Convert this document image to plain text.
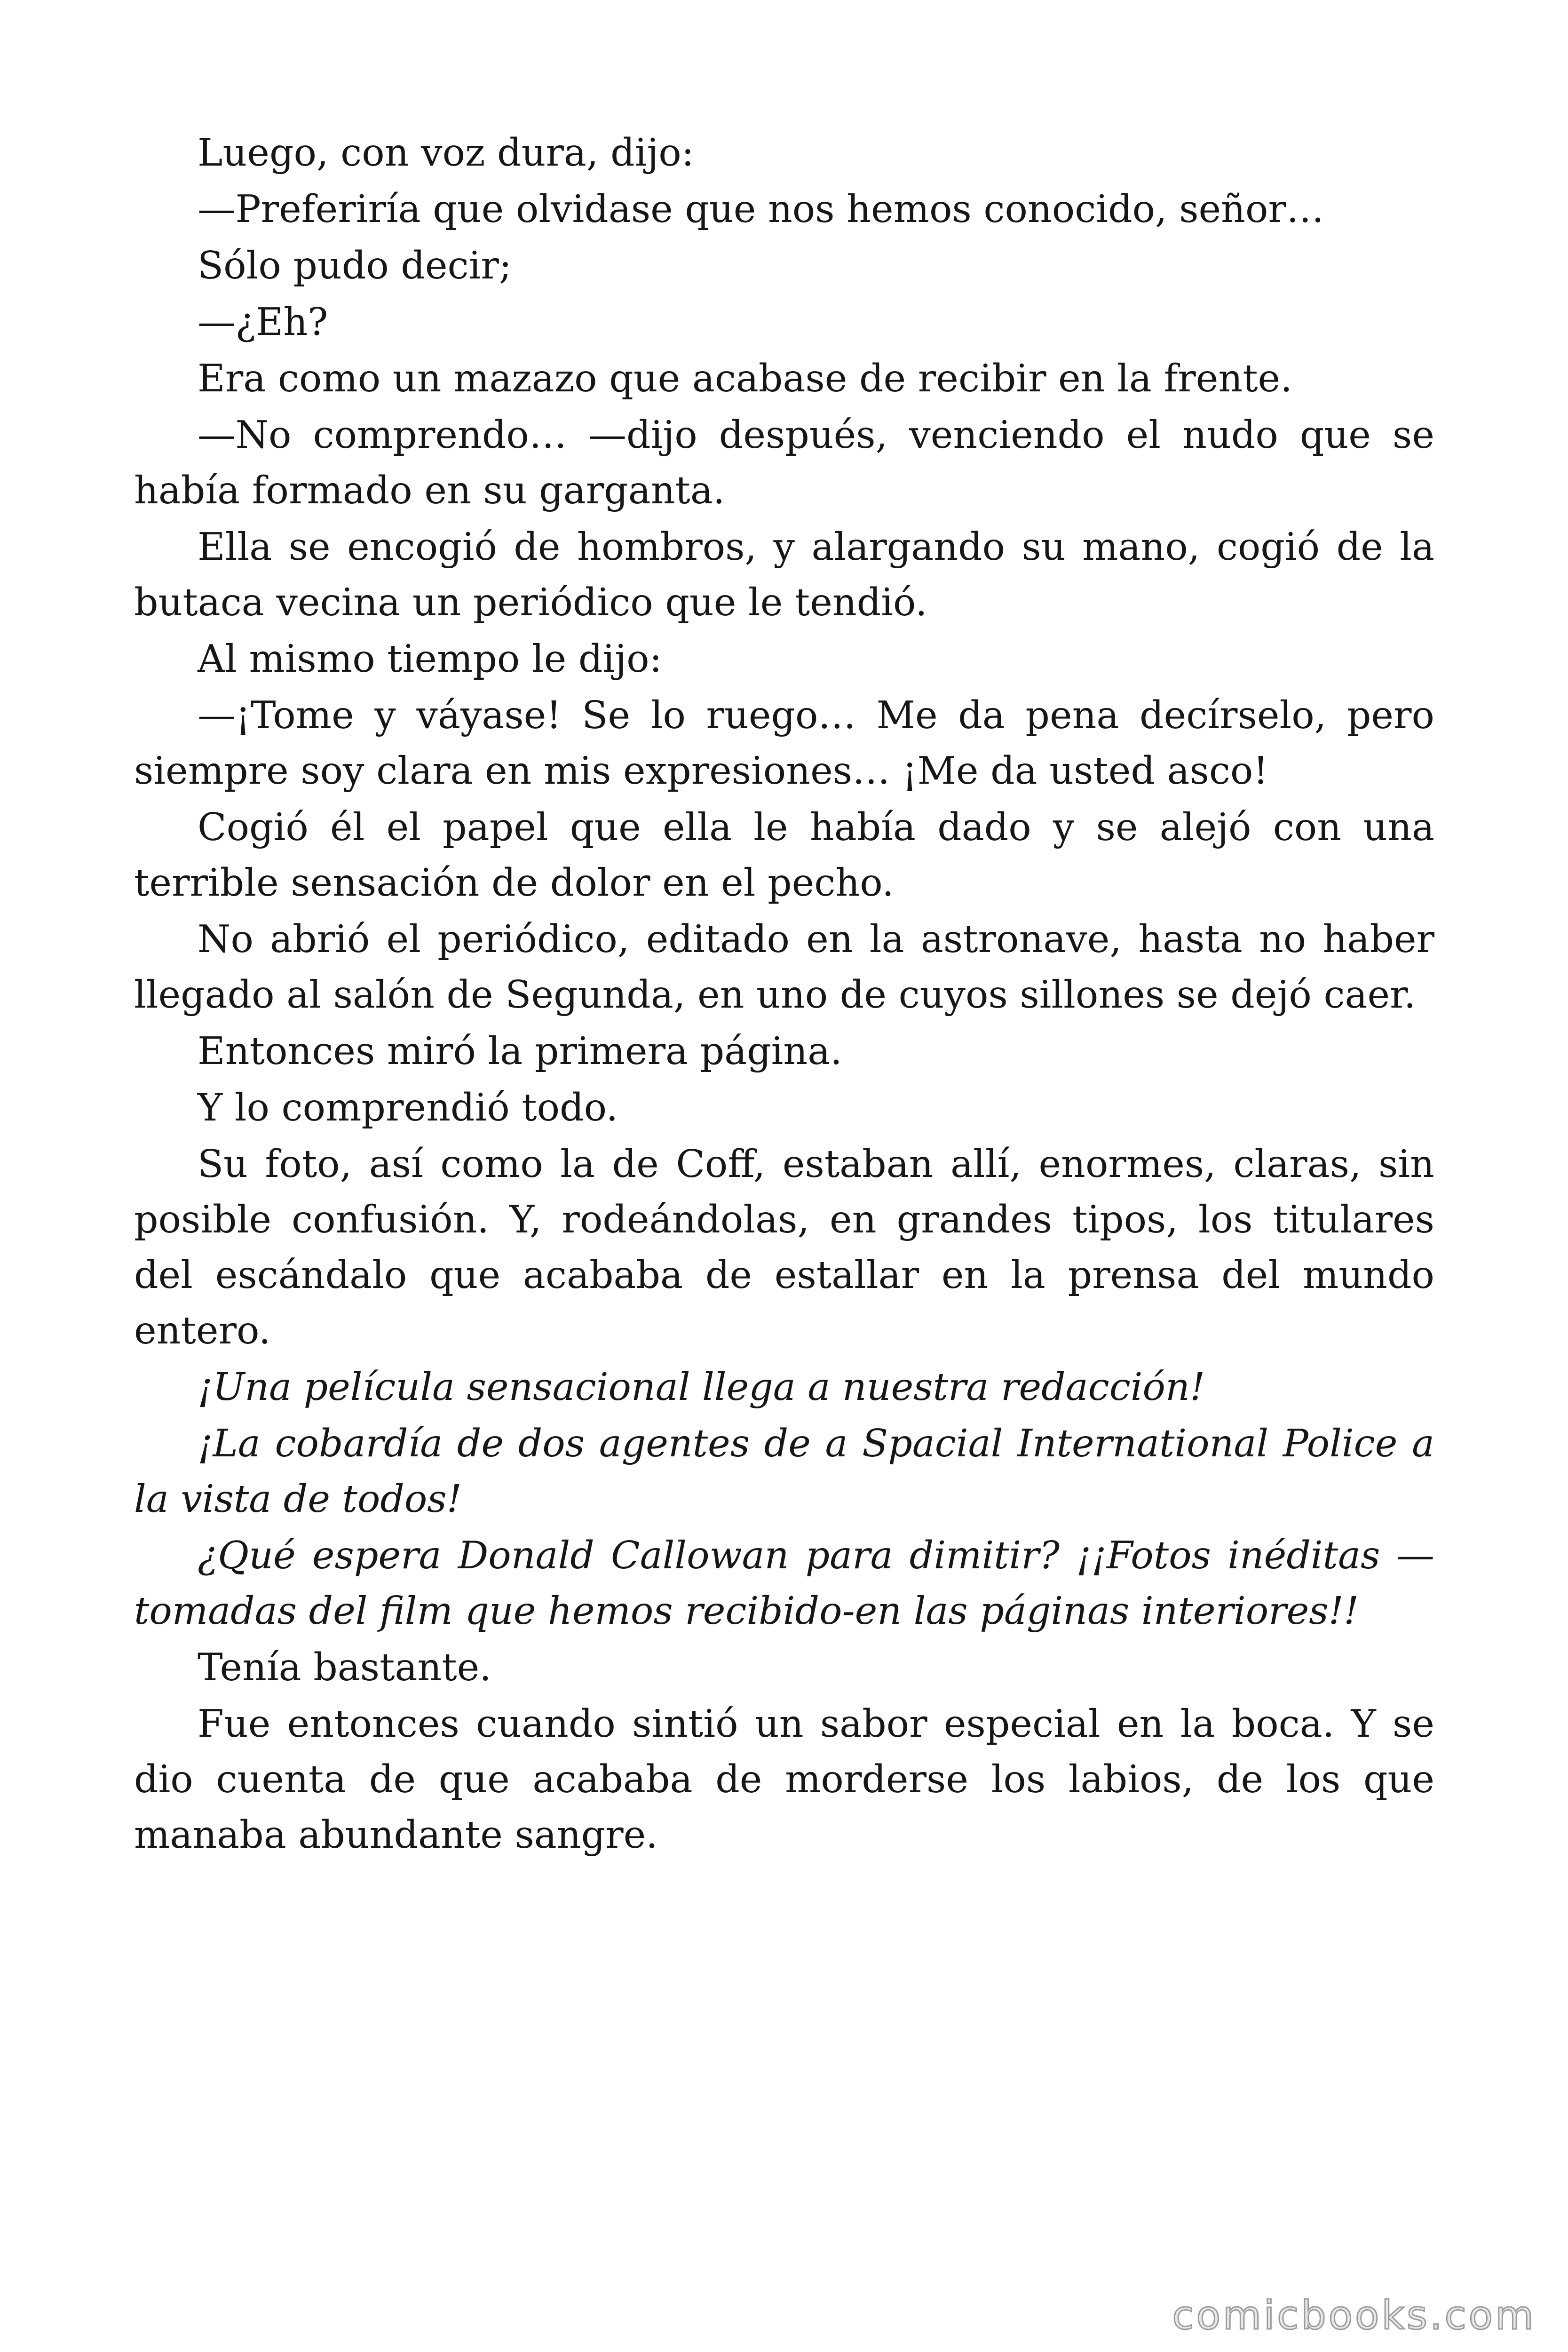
Luego, con voz dura, dijo:

—Preferiría que olvidase que nos hemos conocido, señor…

Sólo pudo decir;

—¿Eh?

Era como un mazazo que acabase de recibir en la frente.

—No comprendo… —dijo después, venciendo el nudo que se había formado en su garganta.

Ella se encogió de hombros, y alargando su mano, cogió de la butaca vecina un periódico que le tendió.

Al mismo tiempo le dijo:

—¡Tome y váyase! Se lo ruego… Me da pena decírselo, pero siempre soy clara en mis expresiones… ¡Me da usted asco!

Cogió él el papel que ella le había dado y se alejó con una terrible sensación de dolor en el pecho.

No abrió el periódico, editado en la astronave, hasta no haber llegado al salón de Segunda, en uno de cuyos sillones se dejó caer.

Entonces miró la primera página.

Y lo comprendió todo.

Su foto, así como la de Coff, estaban allí, enormes, claras, sin posible confusión. Y, rodeándolas, en grandes tipos, los titulares del escándalo que acababa de estallar en la prensa del mundo entero.

¡Una película sensacional llega a nuestra redacción!

¡La cobardía de dos agentes de a Spacial International Police a la vista de todos!

¿Qué espera Donald Callowan para dimitir? ¡¡Fotos inéditas —tomadas del film que hemos recibido-en las páginas interiores!!

Tenía bastante.

Fue entonces cuando sintió un sabor especial en la boca. Y se dio cuenta de que acababa de morderse los labios, de los que manaba abundante sangre.

comicbooks.com
